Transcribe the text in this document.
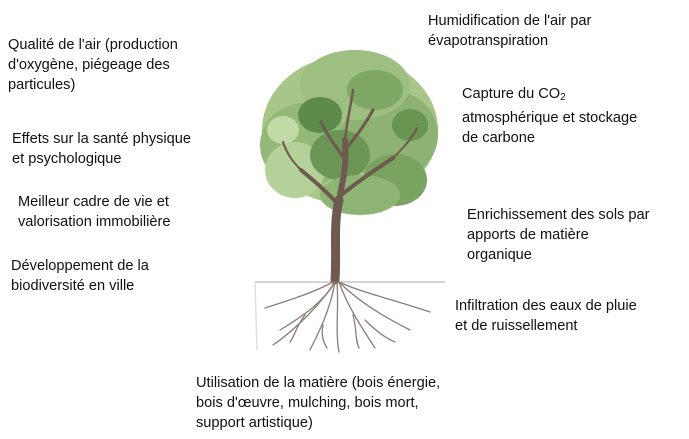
Qualité de l'air (production
d'oxygène, piégeage des
particules)
Effets sur la santé physique
et psychologique
Meilleur cadre de vie et
valorisation immobilière
Développement de la
biodiversité en ville
Humidification de l'air par
évapotranspiration
Capture du $CO_2$
atmosphérique et stockage
de carbone
Enrichissement des sols par
apports de matière
organique
Infiltration des eaux de pluie
et de ruissellement
Utilisation de la matière (bois énergie,
bois d'œuvre, mulching, bois mort,
support artistique)
